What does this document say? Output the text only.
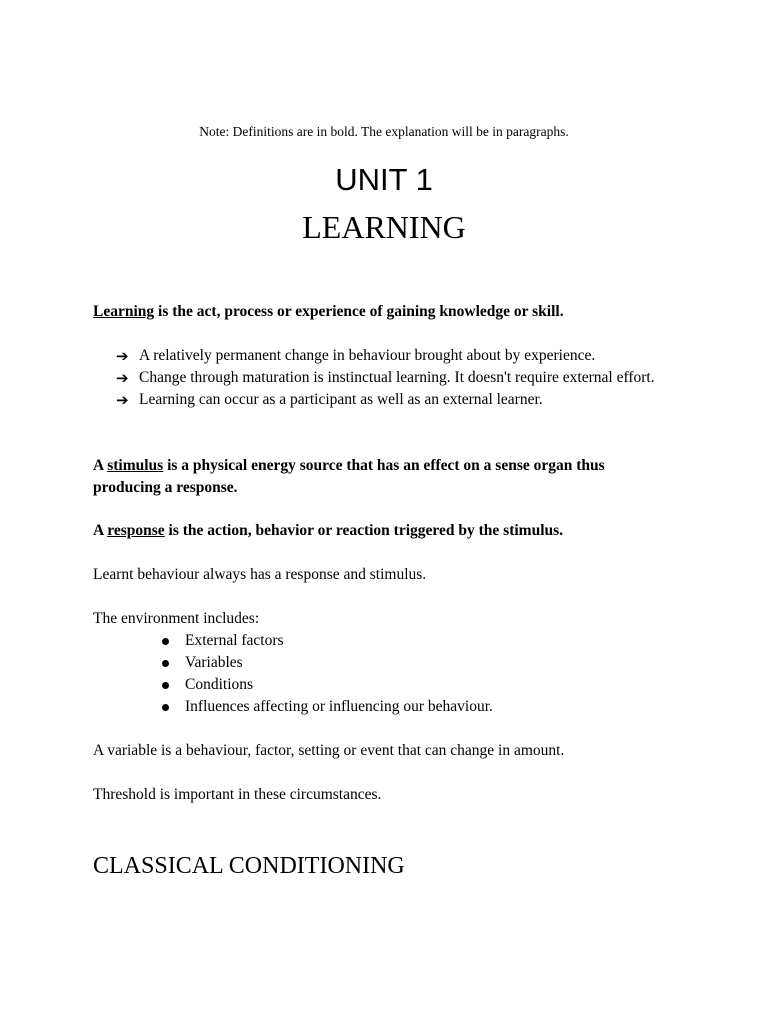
Note: Definitions are in bold. The explanation will be in paragraphs.

UNIT 1
LEARNING

Learning is the act, process or experience of gaining knowledge or skill.

➔ A relatively permanent change in behaviour brought about by experience.
➔ Change through maturation is instinctual learning. It doesn't require external effort.
➔ Learning can occur as a participant as well as an external learner.

A stimulus is a physical energy source that has an effect on a sense organ thus
producing a response.

A response is the action, behavior or reaction triggered by the stimulus.

Learnt behaviour always has a response and stimulus.

The environment includes:

External factors
Variables
Conditions
Influences affecting or influencing our behaviour.

A variable is a behaviour, factor, setting or event that can change in amount.

Threshold is important in these circumstances.

CLASSICAL CONDITIONING
